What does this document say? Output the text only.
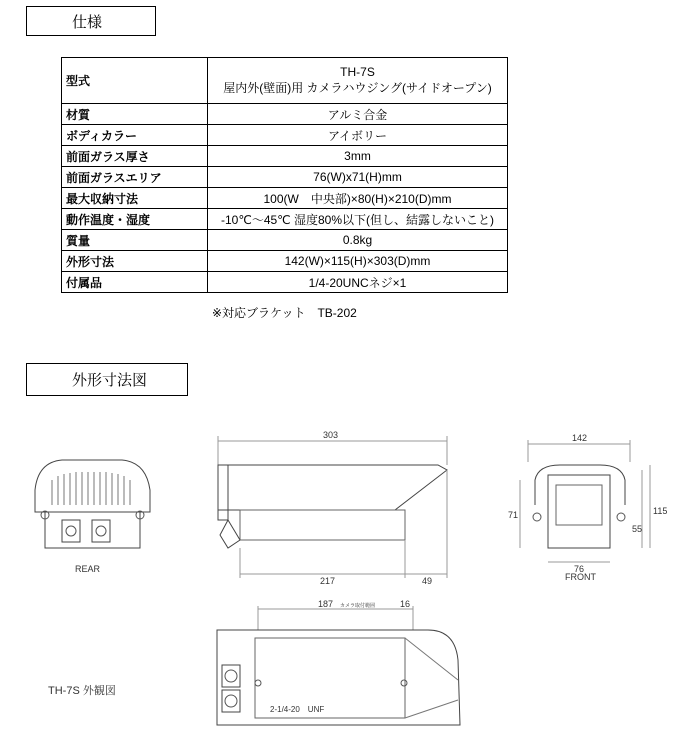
仕様
型式	TH-7S
屋内外(壁面)用 カメラハウジング(サイドオープン)

材質	アルミ合金
ボディカラー	アイボリー
前面ガラス厚さ	3mm
前面ガラスエリア	76(W)x71(H)mm
最大収納寸法	100(W　中央部)×80(H)×210(D)mm
動作温度・湿度	-10℃～45℃ 湿度80%以下(但し、結露しないこと)
質量	0.8kg
外形寸法	142(W)×115(H)×303(D)mm
付属品	1/4-20UNCネジ×1
※対応ブラケット　TB-202
外形寸法図
REAR
303
217	49
142
71	115
55
76
FRONT
187 カメラ取付範囲	16
2-1/4-20　UNF
TH-7S 外観図
